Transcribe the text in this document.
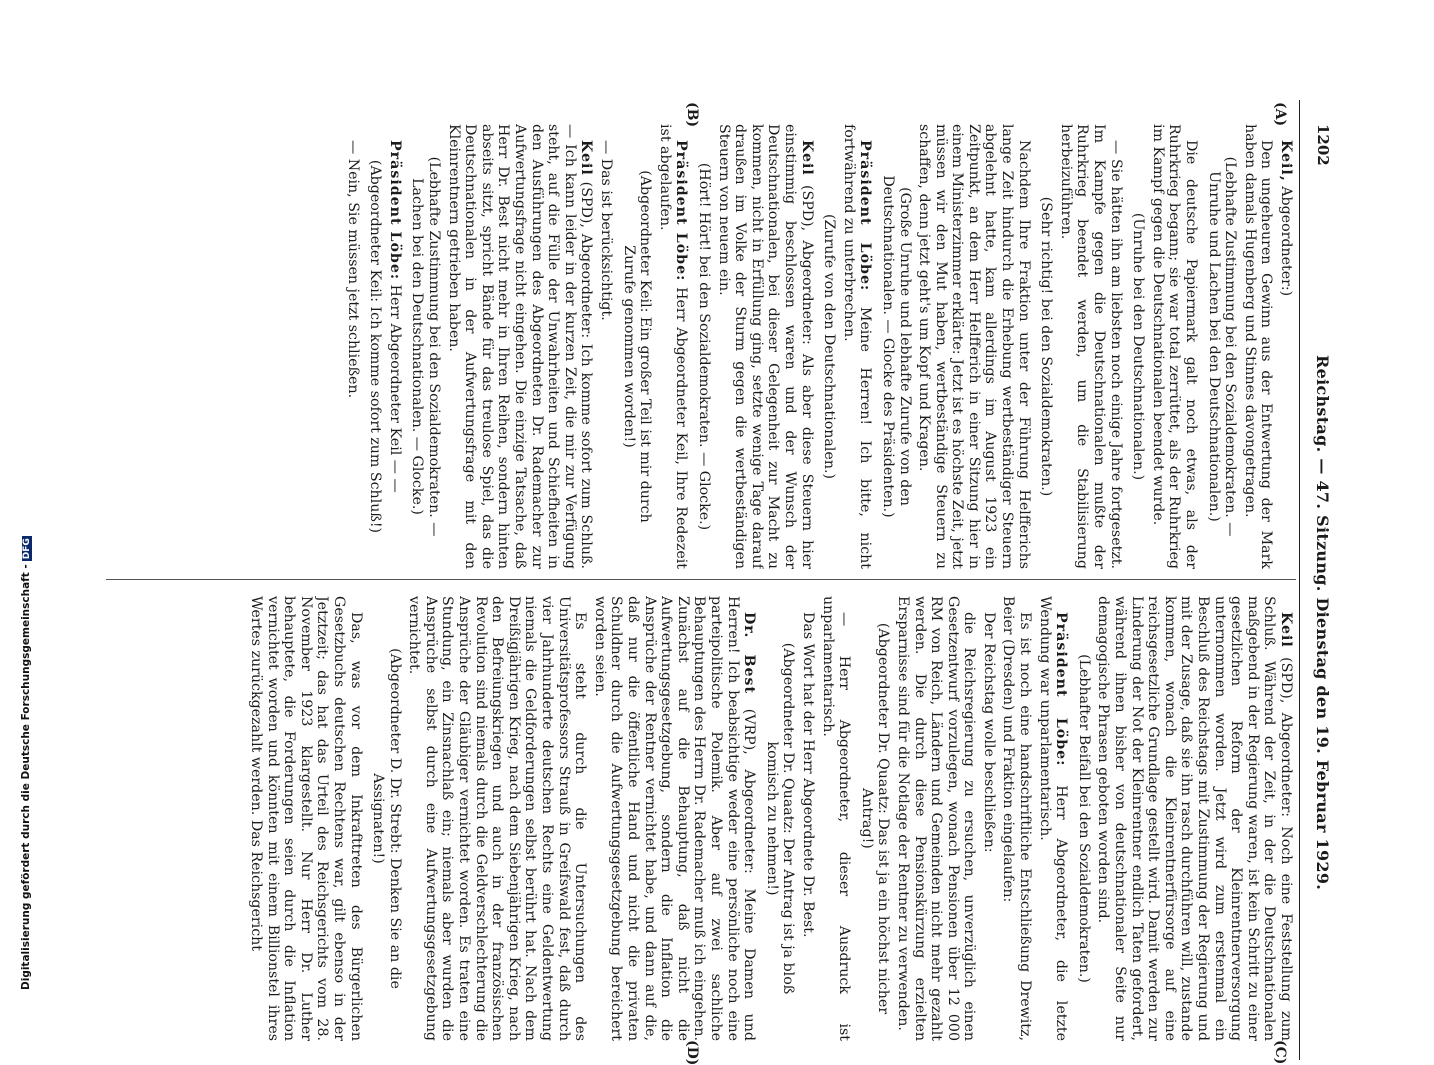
1202
Reichstag. — 47. Sitzung. Dienstag den 19. Februar 1929.

Keil, Abgeordneter:)

Den ungeheuren Gewinn aus der Entwertung der Mark haben damals Hugenberg und Stinnes davongetragen.

(Lebhafte Zustimmung bei den Sozialdemokraten. — Unruhe und Lachen bei den Deutschnationalen.)

Die deutsche Papiermark galt noch etwas, als der Ruhrkrieg begann; sie war total zerrüttet, als der Ruhrkrieg im Kampf gegen die Deutschnationalen beendet wurde.

(Unruhe bei den Deutschnationalen.)

— Sie hätten ihn am liebsten noch einige Jahre fortgesetzt. Im Kampfe gegen die Deutschnationalen mußte der Ruhrkrieg beendet werden, um die Stabilisierung herbeizuführen.

(Sehr richtig! bei den Sozialdemokraten.)

Nachdem Ihre Fraktion unter der Führung Helfferichs lange Zeit hindurch die Erhebung wertbeständiger Steuern abgelehnt hatte, kam allerdings im August 1923 ein Zeitpunkt, an dem Herr Helfferich in einer Sitzung hier in einem Ministerzimmer erklärte: Jetzt ist es höchste Zeit, jetzt müssen wir den Mut haben, wertbeständige Steuern zu schaffen, denn jetzt geht's um Kopf und Kragen.

(Große Unruhe und lebhafte Zurufe von den Deutschnationalen. — Glocke des Präsidenten.)

Präsident Löbe: Meine Herren! Ich bitte, nicht fortwährend zu unterbrechen.

(Zurufe von den Deutschnationalen.)

Keil (SPD), Abgeordneter: Als aber diese Steuern hier einstimmig beschlossen waren und der Wunsch der Deutschnationalen, bei dieser Gelegenheit zur Macht zu kommen, nicht in Erfüllung ging, setzte wenige Tage darauf draußen im Volke der Sturm gegen die wertbeständigen Steuern von neuem ein.

(Hört! Hört! bei den Sozialdemokraten. — Glocke.)

Präsident Löbe: Herr Abgeordneter Keil, Ihre Redezeit ist abgelaufen.

(Abgeordneter Keil: Ein großer Teil ist mir durch Zurufe genommen worden!)

— Das ist berücksichtigt.

Keil (SPD), Abgeordneter: Ich komme sofort zum Schluß. — Ich kann leider in der kurzen Zeit, die mir zur Verfügung steht, auf die Fülle der Unwahrheiten und Schiefheiten in den Ausführungen des Abgeordneten Dr. Rademacher zur Aufwertungsfrage nicht eingehen. Die einzige Tatsache, daß Herr Dr. Best nicht mehr in Ihren Reihen, sondern hinten abseits sitzt, spricht Bände für das treulose Spiel, das die Deutschnationalen in der Aufwertungsfrage mit den Kleinrentnern getrieben haben.

(Lebhafte Zustimmung bei den Sozialdemokraten. — Lachen bei den Deutschnationalen. — Glocke.)

Präsident Löbe: Herr Abgeordneter Keil — —

(Abgeordneter Keil: Ich komme sofort zum Schluß!)

— Nein, Sie müssen jetzt schließen.

Keil (SPD), Abgeordneter: Noch eine Feststellung zum Schluß. Während der Zeit, in der die Deutschnationalen maßgebend in der Regierung waren, ist kein Schritt zu einer gesetzlichen Reform der Kleinrentnerversorgung unternommen worden. Jetzt wird zum erstenmal ein Beschluß des Reichstags mit Zustimmung der Regierung und mit der Zusage, daß sie ihn rasch durchführen will, zustande kommen, wonach die Kleinrentnerfürsorge auf eine reichsgesetzliche Grundlage gestellt wird. Damit werden zur Linderung der Not der Kleinrentner endlich Taten gefordert, während ihnen bisher von deutschnationaler Seite nur demagogische Phrasen geboten worden sind.

(Lebhafter Beifall bei den Sozialdemokraten.)

Präsident Löbe: Herr Abgeordneter, die letzte Wendung war unparlamentarisch.

Es ist noch eine handschriftliche Entschließung Drewitz, Beier (Dresden) und Fraktion eingelaufen:

Der Reichstag wolle beschließen:

die Reichsregierung zu ersuchen, unverzüglich einen Gesetzentwurf vorzulegen, wonach Pensionen über 12 000 RM von Reich, Ländern und Gemeinden nicht mehr gezahlt werden. Die durch diese Pensionskürzung erzielten Ersparnisse sind für die Notlage der Rentner zu verwenden.

(Abgeordneter Dr. Quaatz: Das ist ja ein höchst nicher Antrag!)

— Herr Abgeordneter, dieser Ausdruck ist unparlamentarisch.

Das Wort hat der Herr Abgeordnete Dr. Best.

(Abgeordneter Dr. Quaatz: Der Antrag ist ja bloß komisch zu nehmen!)

Dr. Best (VRP), Abgeordneter: Meine Damen und Herren! Ich beabsichtige weder eine persönliche noch eine parteipolitische Polemik. Aber auf zwei sachliche Behauptungen des Herrn Dr. Rademacher muß ich eingehen. Zunächst auf die Behauptung, daß nicht die Aufwertungsgesetzgebung, sondern die Inflation die Ansprüche der Rentner vernichtet habe, und dann auf die, daß nur die öffentliche Hand und nicht die privaten Schuldner durch die Aufwertungsgesetzgebung bereichert worden seien.

Es steht durch die Untersuchungen des Universitätsprofessors Strauß in Greifswald fest, daß durch vier Jahrhunderte deutschen Rechts eine Geldentwertung niemals die Geldforderungen selbst berührt hat. Nach dem Dreißigjährigen Krieg, nach dem Siebenjährigen Krieg, nach den Befreiungskriegen und auch in der französischen Revolution sind niemals durch die Geldverschlechterung die Ansprüche der Gläubiger vernichtet worden. Es traten eine Stundung, ein Zinsnachlaß ein; niemals aber wurden die Ansprüche selbst durch eine Aufwertungsgesetzgebung vernichtet.

(Abgeordneter D. Dr. Strebt: Denken Sie an die Assignaten!)

Das, was vor dem Inkrafttreten des Bürgerlichen Gesetzbuchs deutschen Rechtens war, gilt ebenso in der Jetztzeit; das hat das Urteil des Reichsgerichts vom 28. November 1923 klargestellt. Nur Herr Dr. Luther behauptete, die Forderungen seien durch die Inflation vernichtet worden und könnten mit einem Billionstel ihres Wertes zurückgezahlt werden. Das Reichsgericht

(A)
(B)
(C)
(D)
Digitalisierung gefördert durch die Deutsche Forschungsgemeinschaft -DFG
